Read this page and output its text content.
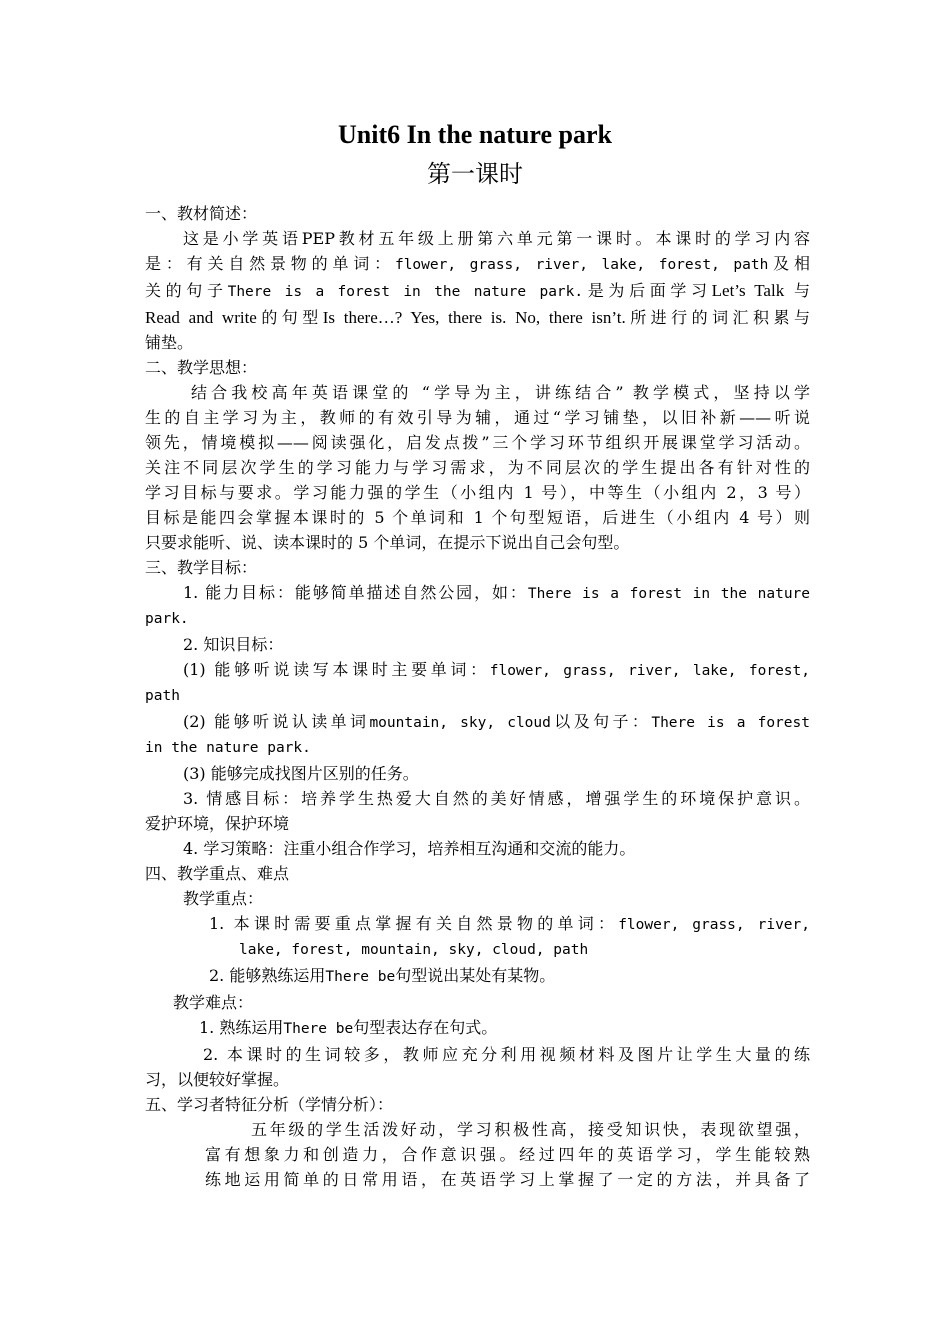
Unit6 In the nature park
第一课时

一、教材简述：

这是小学英语PEP教材五年级上册第六单元第一课时。本课时的学习内容

是：有关自然景物的单词：flower, grass, river, lake, forest, path及相

关的句子There is a forest in the nature park.是为后面学习Let’s Talk 与

Read and write的句型Is there…? Yes, there is. No, there isn’t.所进行的词汇积累与

铺垫。

二、教学思想：

结合我校高年英语课堂的 “学导为主，讲练结合” 教学模式，坚持以学

生的自主学习为主，教师的有效引导为辅，通过“学习铺垫，以旧补新——听说

领先，情境模拟——阅读强化，启发点拨”三个学习环节组织开展课堂学习活动。

关注不同层次学生的学习能力与学习需求，为不同层次的学生提出各有针对性的

学习目标与要求。学习能力强的学生（小组内 1 号），中等生（小组内 2，3 号）

目标是能四会掌握本课时的 5 个单词和 1 个句型短语，后进生（小组内 4 号）则

只要求能听、说、读本课时的 5 个单词，在提示下说出自己会句型。

三、教学目标：

1. 能力目标：能够简单描述自然公园，如：There is a forest in the nature

park.

2. 知识目标：

(1) 能够听说读写本课时主要单词：flower, grass, river, lake, forest,

path

(2) 能够听说认读单词mountain, sky, cloud以及句子：There is a forest

in the nature park.

(3) 能够完成找图片区别的任务。

3. 情感目标：培养学生热爱大自然的美好情感，增强学生的环境保护意识。

爱护环境，保护环境

4. 学习策略：注重小组合作学习，培养相互沟通和交流的能力。

四、教学重点、难点

教学重点：

1. 本课时需要重点掌握有关自然景物的单词：flower, grass, river,

lake, forest, mountain, sky, cloud, path

2. 能够熟练运用There be句型说出某处有某物。

教学难点：

1. 熟练运用There be句型表达存在句式。

2. 本课时的生词较多，教师应充分利用视频材料及图片让学生大量的练

习，以便较好掌握。

五、学习者特征分析（学情分析）：

五年级的学生活泼好动，学习积极性高，接受知识快，表现欲望强，

富有想象力和创造力，合作意识强。经过四年的英语学习，学生能较熟

练地运用简单的日常用语，在英语学习上掌握了一定的方法，并具备了
